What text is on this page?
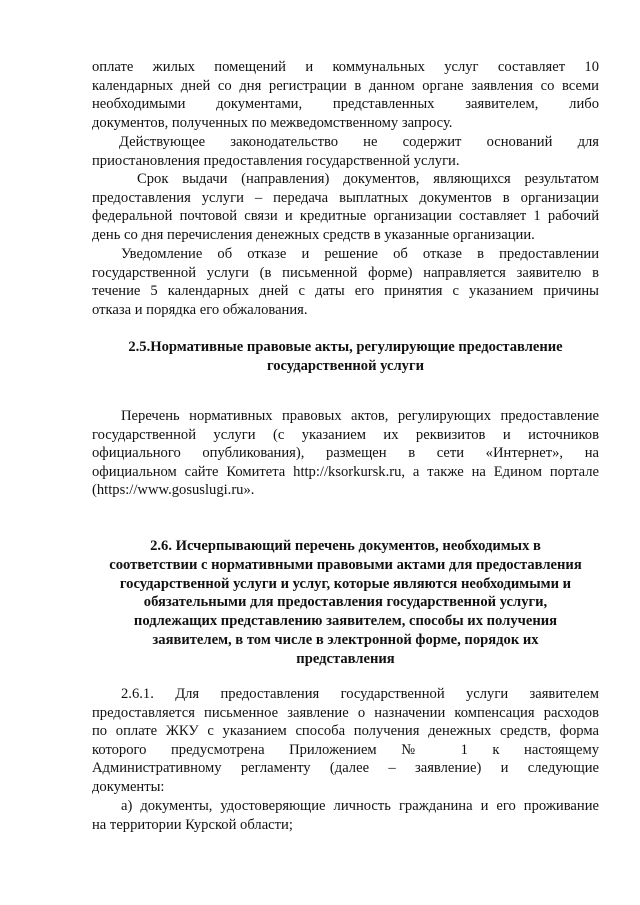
оплате жилых помещений и коммунальных услуг составляет 10
календарных дней со дня регистрации в данном органе заявления со всеми
необходимыми документами, представленных заявителем, либо
документов, полученных по межведомственному запросу.
Действующее законодательство не содержит оснований для
приостановления предоставления государственной услуги.
Срок выдачи (направления) документов, являющихся результатом
предоставления услуги – передача выплатных документов в организации
федеральной почтовой связи и кредитные организации составляет 1 рабочий
день со дня перечисления денежных средств в указанные организации.
Уведомление об отказе и решение об отказе в предоставлении
государственной услуги (в письменной форме) направляется заявителю в
течение 5 календарных дней с даты его принятия с указанием причины
отказа и порядка его обжалования.
2.5.Нормативные правовые акты, регулирующие предоставление
государственной услуги
Перечень нормативных правовых актов, регулирующих предоставление
государственной услуги (с указанием их реквизитов и источников
официального опубликования), размещен в сети «Интернет», на
официальном сайте Комитета http://ksorkursk.ru, а также на Едином портале
(https://www.gosuslugi.ru».
2.6. Исчерпывающий перечень документов, необходимых в
соответствии с нормативными правовыми актами для предоставления
государственной услуги и услуг, которые являются необходимыми и
обязательными для предоставления государственной услуги,
подлежащих представлению заявителем, способы их получения
заявителем, в том числе в электронной форме, порядок их
представления
2.6.1. Для предоставления государственной услуги заявителем
предоставляется письменное заявление о назначении компенсация расходов
по оплате ЖКУ с указанием способа получения денежных средств, форма
которого предусмотрена Приложением № 1 к настоящему
Административному регламенту (далее – заявление) и следующие
документы:
а) документы, удостоверяющие личность гражданина и его проживание
на территории Курской области;
